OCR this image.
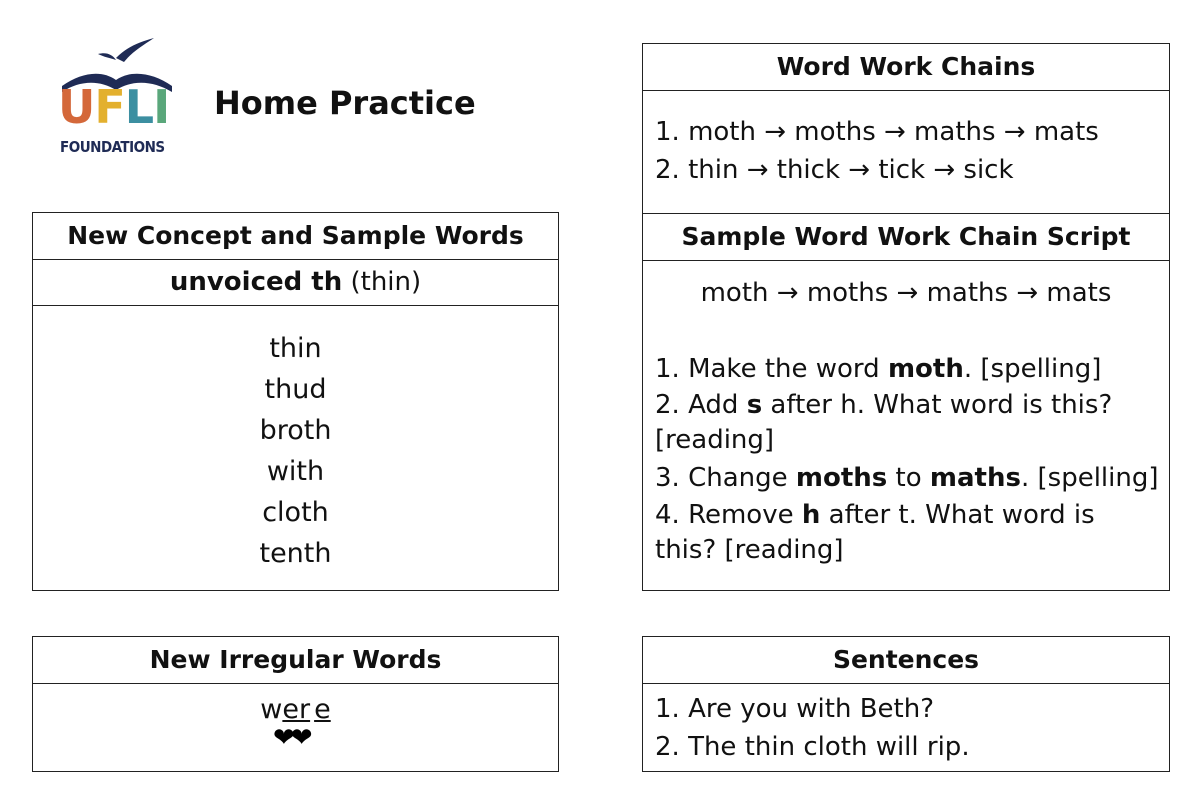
UFLI
FOUNDATIONS
Home Practice
New Concept and Sample Words
unvoiced th (thin)
thin
thud
broth
with
cloth
tenth
New Irregular Words
wer e
❤❤
Word Work Chains
1. moth → moths → maths → mats
2. thin → thick → tick → sick
Sample Word Work Chain Script
moth → moths → maths → mats
1. Make the word moth. [spelling]
2. Add s after h. What word is this?
[reading]
3. Change moths to maths. [spelling]
4. Remove h after t. What word is
this? [reading]
Sentences
1. Are you with Beth?
2. The thin cloth will rip.
